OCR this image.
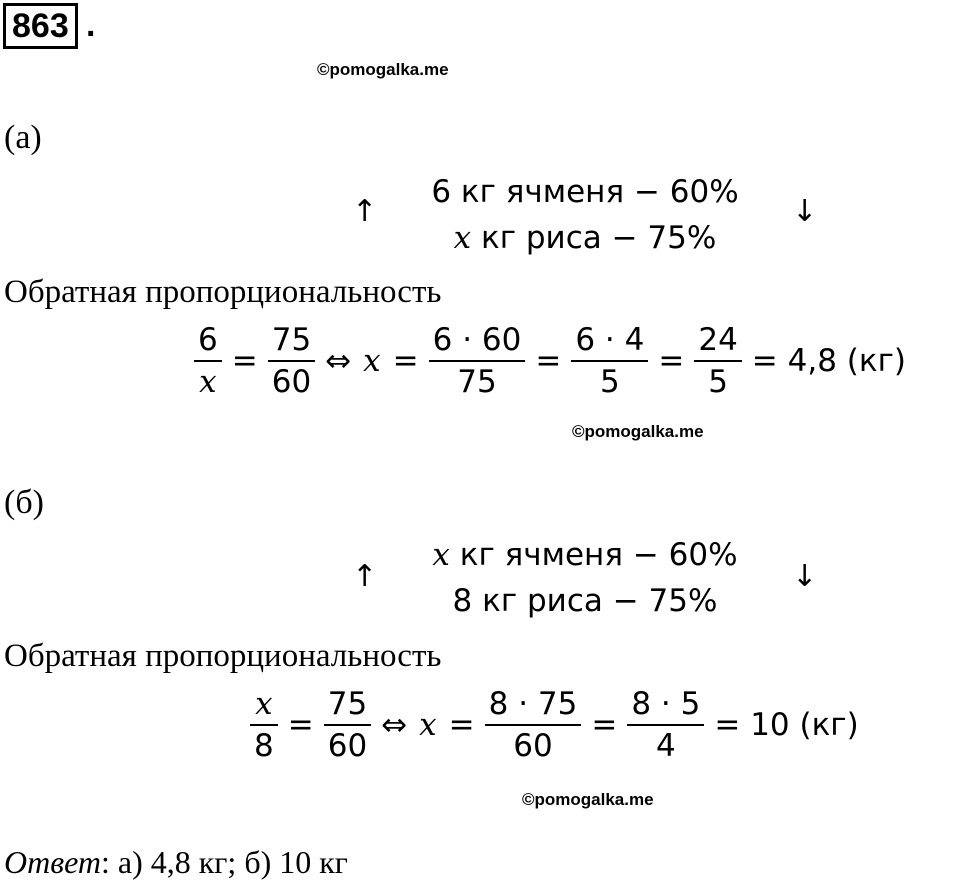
863 .
©pomogalka.me
(а)
↑
6 кг ячменя − 60%
x кг риса − 75%
↓
Обратная пропорциональность
$\frac{6}{x} = \frac{75}{60}$ ⇔ $x = \frac{6 \cdot 60}{75} = \frac{6 \cdot 4}{5} = \frac{24}{5} = 4,8$ (кг)
©pomogalka.me
(б)
↑
x кг ячменя − 60%
8 кг риса − 75%
↓
Обратная пропорциональность
$\frac{x}{8} = \frac{75}{60}$ ⇔ $x = \frac{8 \cdot 75}{60} = \frac{8 \cdot 5}{4} = 10$ (кг)
©pomogalka.me
Ответ: а) 4,8 кг; б) 10 кг
